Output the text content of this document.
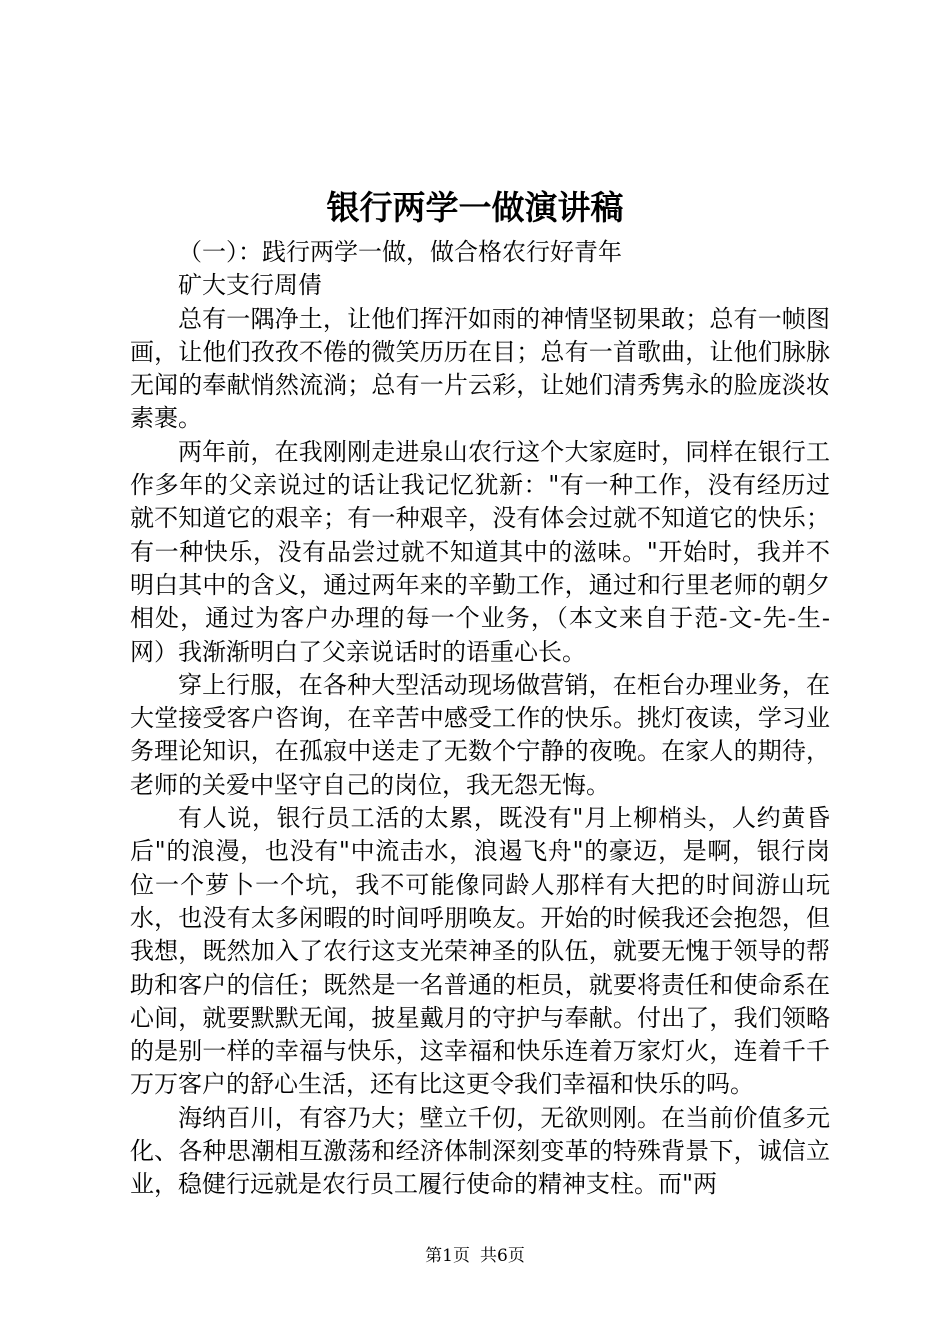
银行两学一做演讲稿

（一）：践行两学一做，做合格农行好青年

矿大支行周倩

总有一隅净土，让他们挥汗如雨的神情坚韧果敢；总有一帧图画，让他们孜孜不倦的微笑历历在目；总有一首歌曲，让他们脉脉无闻的奉献悄然流淌；总有一片云彩，让她们清秀隽永的脸庞淡妆素裹。

两年前，在我刚刚走进泉山农行这个大家庭时，同样在银行工作多年的父亲说过的话让我记忆犹新："有一种工作，没有经历过就不知道它的艰辛；有一种艰辛，没有体会过就不知道它的快乐；有一种快乐，没有品尝过就不知道其中的滋味。"开始时，我并不明白其中的含义，通过两年来的辛勤工作，通过和行里老师的朝夕相处，通过为客户办理的每一个业务，（本文来自于范-文-先-生-网）我渐渐明白了父亲说话时的语重心长。

穿上行服，在各种大型活动现场做营销，在柜台办理业务，在大堂接受客户咨询，在辛苦中感受工作的快乐。挑灯夜读，学习业务理论知识，在孤寂中送走了无数个宁静的夜晚。在家人的期待，老师的关爱中坚守自己的岗位，我无怨无悔。

有人说，银行员工活的太累，既没有"月上柳梢头，人约黄昏后"的浪漫，也没有"中流击水，浪遏飞舟"的豪迈，是啊，银行岗位一个萝卜一个坑，我不可能像同龄人那样有大把的时间游山玩水，也没有太多闲暇的时间呼朋唤友。开始的时候我还会抱怨，但我想，既然加入了农行这支光荣神圣的队伍，就要无愧于领导的帮助和客户的信任；既然是一名普通的柜员，就要将责任和使命系在心间，就要默默无闻，披星戴月的守护与奉献。付出了，我们领略的是别一样的幸福与快乐，这幸福和快乐连着万家灯火，连着千千万万客户的舒心生活，还有比这更令我们幸福和快乐的吗。

海纳百川，有容乃大；壁立千仞，无欲则刚。在当前价值多元化、各种思潮相互激荡和经济体制深刻变革的特殊背景下，诚信立业，稳健行远就是农行员工履行使命的精神支柱。而"两

第1页 共6页
